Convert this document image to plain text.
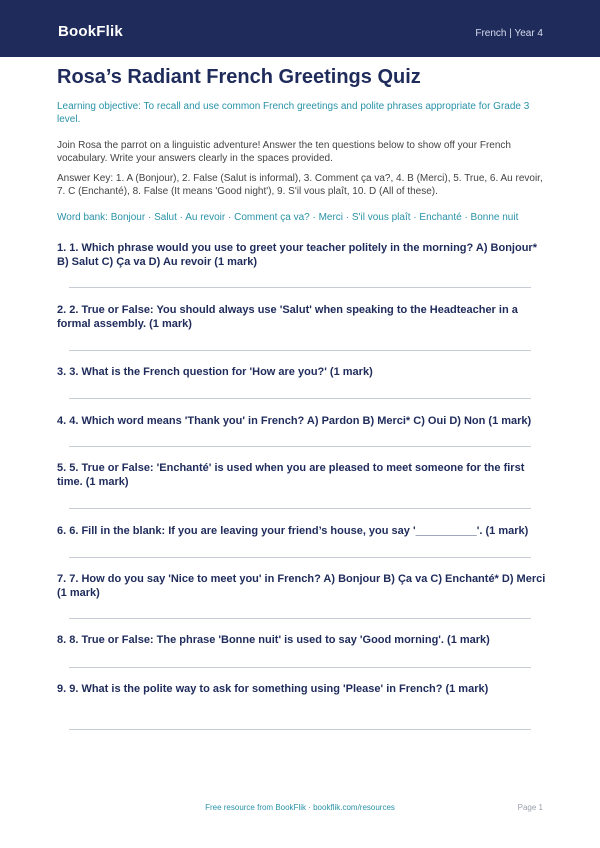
BookFlik	French | Year 4
Rosa’s Radiant French Greetings Quiz
Learning objective: To recall and use common French greetings and polite phrases appropriate for Grade 3 level.
Join Rosa the parrot on a linguistic adventure! Answer the ten questions below to show off your French vocabulary. Write your answers clearly in the spaces provided.
Answer Key: 1. A (Bonjour), 2. False (Salut is informal), 3. Comment ça va?, 4. B (Merci), 5. True, 6. Au revoir, 7. C (Enchanté), 8. False (It means 'Good night'), 9. S'il vous plaît, 10. D (All of these).
Word bank: Bonjour · Salut · Au revoir · Comment ça va? · Merci · S'il vous plaît · Enchanté · Bonne nuit
1. 1. Which phrase would you use to greet your teacher politely in the morning? A) Bonjour* B) Salut C) Ça va D) Au revoir (1 mark)
2. 2. True or False: You should always use 'Salut' when speaking to the Headteacher in a formal assembly. (1 mark)
3. 3. What is the French question for 'How are you?' (1 mark)
4. 4. Which word means 'Thank you' in French? A) Pardon B) Merci* C) Oui D) Non (1 mark)
5. 5. True or False: 'Enchanté' is used when you are pleased to meet someone for the first time. (1 mark)
6. 6. Fill in the blank: If you are leaving your friend’s house, you say '__________'. (1 mark)
7. 7. How do you say 'Nice to meet you' in French? A) Bonjour B) Ça va C) Enchanté* D) Merci (1 mark)
8. 8. True or False: The phrase 'Bonne nuit' is used to say 'Good morning'. (1 mark)
9. 9. What is the polite way to ask for something using 'Please' in French? (1 mark)
Free resource from BookFlik · bookflik.com/resources	Page 1
